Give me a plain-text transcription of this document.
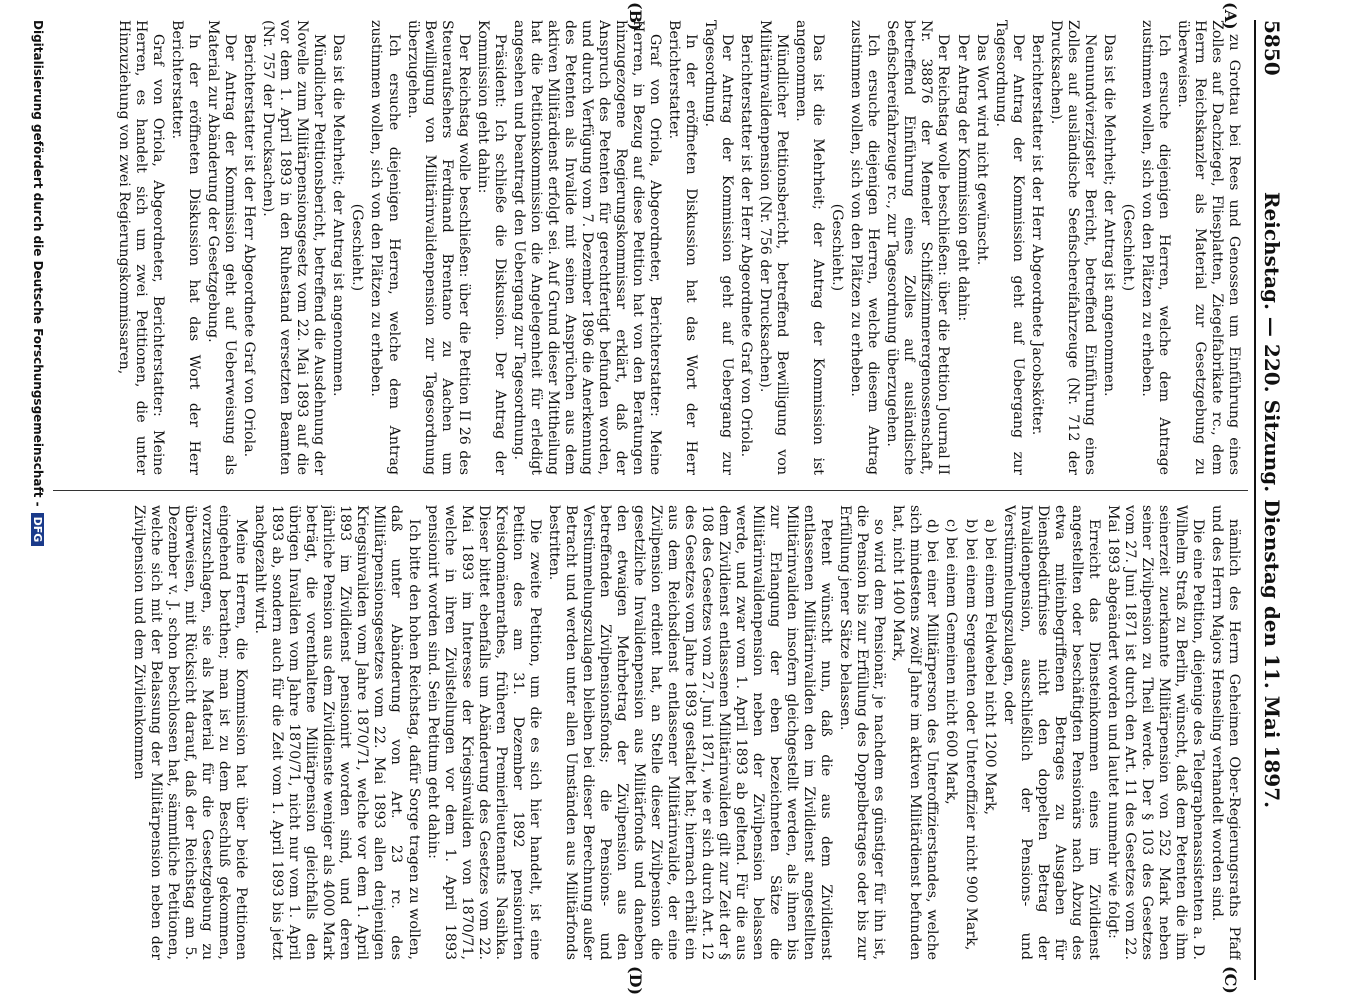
5850
Reichstag. — 220. Sitzung. Dienstag den 11. Mai 1897.
(A)
(B)
(C)
(D)

zu Grottau bei Rees und Genossen um Einführung eines Zolles auf Dachziegel, Fliesplatten, Ziegelfabrikate rc., dem Herrn Reichskanzler als Material zur Gesetzgebung zu überweisen.

Ich ersuche diejenigen Herren, welche dem Antrage zustimmen wollen, sich von den Plätzen zu erheben.

(Geschieht.)

Das ist die Mehrheit; der Antrag ist angenommen.

Neunundvierzigster Bericht, betreffend Einführung eines Zolles auf ausländische Seefischereifahrzeuge (Nr. 712 der Drucksachen).

Berichterstatter ist der Herr Abgeordnete Jacobskötter.

Der Antrag der Kommission geht auf Uebergang zur Tagesordnung.

Das Wort wird nicht gewünscht.

Der Antrag der Kommission geht dahin:

Der Reichstag wolle beschließen: über die Petition Journal II Nr. 38876 der Memeler Schiffszimmerergenossenschaft, betreffend Einführung eines Zolles auf ausländische Seefischereifahrzeuge rc., zur Tagesordnung überzugehen.

Ich ersuche diejenigen Herren, welche diesem Antrag zustimmen wollen, sich von den Plätzen zu erheben.

(Geschieht.)

Das ist die Mehrheit; der Antrag der Kommission ist angenommen.

Mündlicher Petitionsbericht, betreffend Bewilligung von Militärinvalidenpension (Nr. 756 der Drucksachen).

Berichterstatter ist der Herr Abgeordnete Graf von Oriola.

Der Antrag der Kommission geht auf Uebergang zur Tagesordnung.

In der eröffneten Diskussion hat das Wort der Herr Berichterstatter.

Graf von Oriola, Abgeordneter, Berichterstatter: Meine Herren, in Bezug auf diese Petition hat von den Beratungen hinzugezogene Regierungskommissar erklärt, daß der Anspruch des Petenten für gerechtfertigt befunden worden, und durch Verfügung vom 7. Dezember 1896 die Anerkennung des Petenten als Invalide mit seinen Ansprüchen aus dem aktiven Militärdienst erfolgt sei. Auf Grund dieser Mittheilung hat die Petitionskommission die Angelegenheit für erledigt angesehen und beantragt den Uebergang zur Tagesordnung.

Präsident: Ich schließe die Diskussion. Der Antrag der Kommission geht dahin:

Der Reichstag wolle beschließen: über die Petition II 26 des Steueraufsehers Ferdinand Brentano zu Aachen um Bewilligung von Militärinvalidenpension zur Tagesordnung überzugehen.

Ich ersuche diejenigen Herren, welche dem Antrag zustimmen wollen, sich von den Plätzen zu erheben.

(Geschieht.)

Das ist die Mehrheit; der Antrag ist angenommen.

Mündlicher Petitionsbericht, betreffend die Ausdehnung der Novelle zum Militärpensionsgesetz vom 22. Mai 1893 auf die vor dem 1. April 1893 in den Ruhestand versetzten Beamten (Nr. 757 der Drucksachen).

Berichterstatter ist der Herr Abgeordnete Graf von Oriola.

Der Antrag der Kommission geht auf Ueberweisung als Material zur Abänderung der Gesetzgebung.

In der eröffneten Diskussion hat das Wort der Herr Berichterstatter.

Graf von Oriola, Abgeordneter, Berichterstatter: Meine Herren, es handelt sich um zwei Petitionen, die unter Hinzuziehung von zwei Regierungskommissaren,

nämlich des Herrn Geheimen Ober-Regierungsraths Pfaff und des Herrn Majors Henseling verhandelt worden sind.

Die eine Petition, diejenige des Telegraphenassistenten a. D. Wilhelm Straß zu Berlin, wünscht, daß dem Petenten die ihm seinerzeit zuerkannte Militärpension von 252 Mark neben seiner Zivilpension zu Theil werde. Der § 103 des Gesetzes vom 27. Juni 1871 ist durch den Art. 11 des Gesetzes vom 22. Mai 1893 abgeändert worden und lautet nunmehr wie folgt:

Erreicht das Diensteinkommen eines im Zivildienst angestellten oder beschäftigten Pensionärs nach Abzug des etwa miteinbegriffenen Betrages zu Ausgaben für Dienstbedürfnisse nicht den doppelten Betrag der Invalidenpension, ausschließlich der Pensions- und Verstümmelungszulagen, oder

a) bei einem Feldwebel nicht 1200 Mark,

b) bei einem Sergeanten oder Unteroffizier nicht 900 Mark,

c) bei einem Gemeinen nicht 600 Mark,

d) bei einer Militärperson des Unteroffizierstandes, welche sich mindestens zwölf Jahre im aktiven Militärdienst befunden hat, nicht 1400 Mark,

so wird dem Pensionär, je nachdem es günstiger für ihn ist, die Pension bis zur Erfüllung des Doppelbetrages oder bis zur Erfüllung jener Sätze belassen.

Petent wünscht nun, daß die aus dem Zivildienst entlassenen Militärinvaliden den im Zivildienst angestellten Militärinvaliden insofern gleichgestellt werden, als ihnen bis zur Erlangung der eben bezeichneten Sätze die Militärinvalidenpension neben der Zivilpension belassen werde, und zwar vom 1. April 1893 ab geltend. Für die aus dem Zivildienst entlassenen Militärinvaliden gilt zur Zeit der § 108 des Gesetzes vom 27. Juni 1871, wie er sich durch Art. 12 des Gesetzes vom Jahre 1893 gestaltet hat; hiernach erhält ein aus dem Reichsdienst entlassener Militärinvalide, der eine Zivilpension erdient hat, an Stelle dieser Zivilpension die gesetzliche Invalidenpension aus Militärfonds und daneben den etwaigen Mehrbetrag der Zivilpension aus den betreffenden Zivilpensionsfonds; die Pensions- und Verstümmelungszulagen bleiben bei dieser Berechnung außer Betracht und werden unter allen Umständen aus Militärfonds bestritten.

Die zweite Petition, um die es sich hier handelt, ist eine Petition des am 31. Dezember 1892 pensionirten Kreisdomänenrathes, früheren Premierlieutenants Nasihka. Dieser bittet ebenfalls um Abänderung des Gesetzes vom 22. Mai 1893 im Interesse der Kriegsinvaliden von 1870/71, welche in ihren Zivilstellungen vor dem 1. April 1893 pensionirt worden sind. Sein Petitum geht dahin:

Ich bitte den hohen Reichstag, dafür Sorge tragen zu wollen, daß unter Abänderung von Art. 23 rc. des Militärpensionsgesetzes vom 22. Mai 1893 allen denjenigen Kriegsinvaliden vom Jahre 1870/71, welche vor dem 1. April 1893 im Zivildienst pensionirt worden sind, und deren jährliche Pension aus dem Zivildienste weniger als 4000 Mark beträgt, die vorenthaltene Militärpension gleichfalls den übrigen Invaliden vom Jahre 1870/71, nicht nur vom 1. April 1893 ab, sondern auch für die Zeit vom 1. April 1893 bis jetzt nachgezahlt wird.

Meine Herren, die Kommission hat über beide Petitionen eingehend berathen; man ist zu dem Beschluß gekommen, vorzuschlagen, sie als Material für die Gesetzgebung zu überweisen, mit Rücksicht darauf, daß der Reichstag am 5. Dezember v. J. schon beschlossen hat, sämmtliche Petitionen, welche sich mit der Belassung der Militärpension neben der Zivilpension und dem Zivileinkommen

Digitalisierung gefördert durch die Deutsche Forschungsgemeinschaft -DFG
